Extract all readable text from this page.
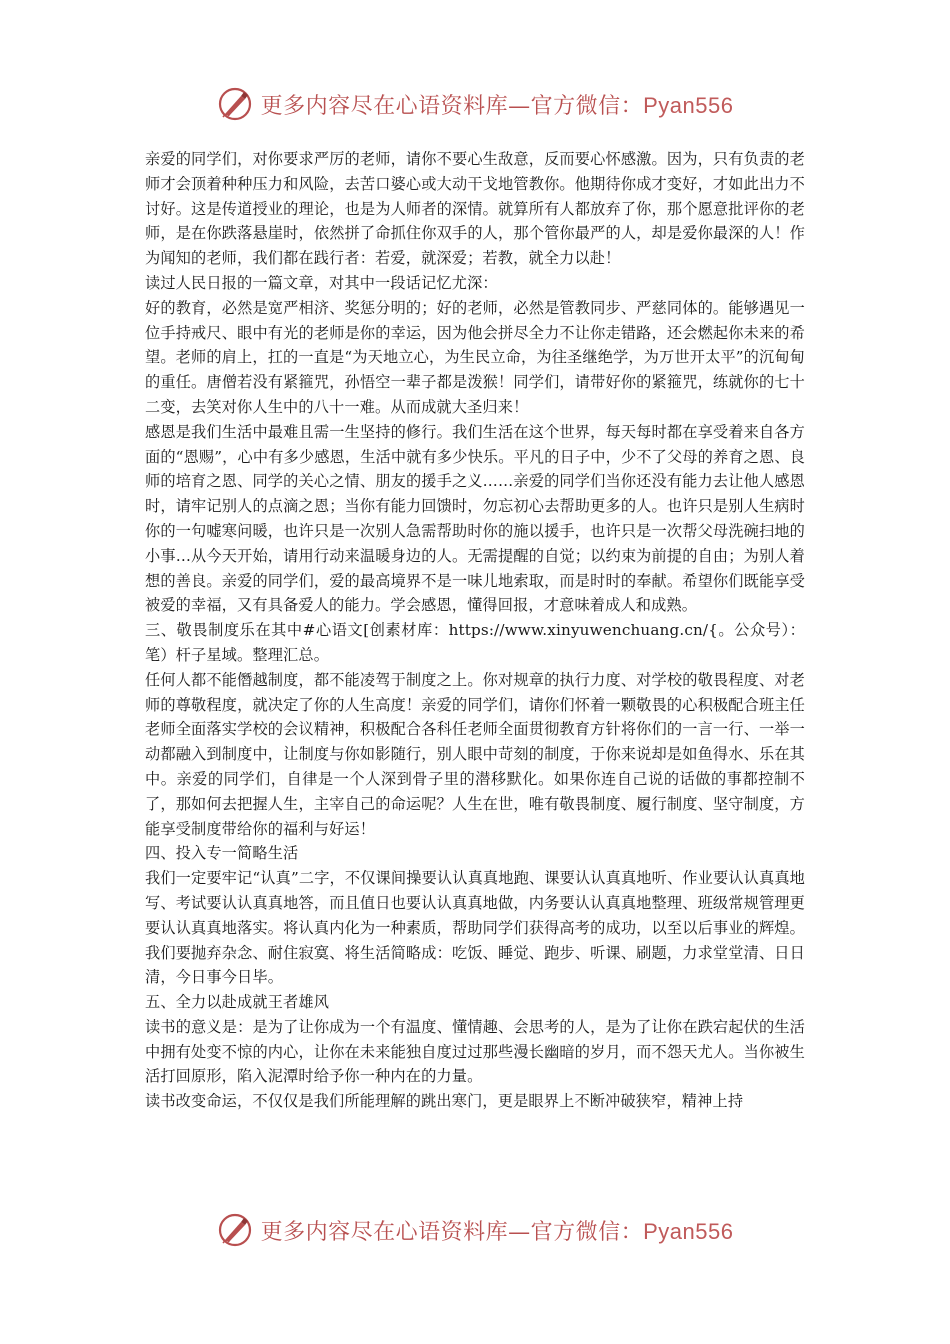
更多内容尽在心语资料库—官方微信：Pyan556

亲爱的同学们，对你要求严厉的老师，请你不要心生敌意，反而要心怀感激。因为，只有负责的老师才会顶着种种压力和风险，去苦口婆心或大动干戈地管教你。他期待你成才变好，才如此出力不讨好。这是传道授业的理论，也是为人师者的深情。就算所有人都放弃了你，那个愿意批评你的老师，是在你跌落悬崖时，依然拼了命抓住你双手的人，那个管你最严的人，却是爱你最深的人！作为闻知的老师，我们都在践行者：若爱，就深爱；若教，就全力以赴！

读过人民日报的一篇文章，对其中一段话记忆尤深：

好的教育，必然是宽严相济、奖惩分明的；好的老师，必然是管教同步、严慈同体的。能够遇见一位手持戒尺、眼中有光的老师是你的幸运，因为他会拼尽全力不让你走错路，还会燃起你未来的希望。老师的肩上，扛的一直是“为天地立心，为生民立命，为往圣继绝学，为万世开太平”的沉甸甸的重任。唐僧若没有紧箍咒，孙悟空一辈子都是泼猴！同学们，请带好你的紧箍咒，练就你的七十二变，去笑对你人生中的八十一难。从而成就大圣归来！

感恩是我们生活中最难且需一生坚持的修行。我们生活在这个世界，每天每时都在享受着来自各方面的“恩赐”，心中有多少感恩，生活中就有多少快乐。平凡的日子中，少不了父母的养育之恩、良师的培育之恩、同学的关心之情、朋友的援手之义……亲爱的同学们当你还没有能力去让他人感恩时，请牢记别人的点滴之恩；当你有能力回馈时，勿忘初心去帮助更多的人。也许只是别人生病时你的一句嘘寒问暖，也许只是一次别人急需帮助时你的施以援手，也许只是一次帮父母洗碗扫地的小事…从今天开始，请用行动来温暖身边的人。无需提醒的自觉；以约束为前提的自由；为别人着想的善良。亲爱的同学们，爱的最高境界不是一味儿地索取，而是时时的奉献。希望你们既能享受被爱的幸福，又有具备爱人的能力。学会感恩，懂得回报，才意味着成人和成熟。

三、敬畏制度乐在其中#心语文[创素材库：https://www.xinyuwenchuang.cn/{。公众号）：笔）杆子星域。整理汇总。

任何人都不能僭越制度，都不能凌驾于制度之上。你对规章的执行力度、对学校的敬畏程度、对老师的尊敬程度，就决定了你的人生高度！亲爱的同学们，请你们怀着一颗敬畏的心积极配合班主任老师全面落实学校的会议精神，积极配合各科任老师全面贯彻教育方针将你们的一言一行、一举一动都融入到制度中，让制度与你如影随行，别人眼中苛刻的制度，于你来说却是如鱼得水、乐在其中。亲爱的同学们，自律是一个人深到骨子里的潜移默化。如果你连自己说的话做的事都控制不了，那如何去把握人生，主宰自己的命运呢？人生在世，唯有敬畏制度、履行制度、坚守制度，方能享受制度带给你的福利与好运！

四、投入专一简略生活

我们一定要牢记“认真”二字，不仅课间操要认认真真地跑、课要认认真真地听、作业要认认真真地写、考试要认认真真地答，而且值日也要认认真真地做，内务要认认真真地整理、班级常规管理更要认认真真地落实。将认真内化为一种素质，帮助同学们获得高考的成功，以至以后事业的辉煌。我们要抛弃杂念、耐住寂寞、将生活简略成：吃饭、睡觉、跑步、听课、刷题，力求堂堂清、日日清，今日事今日毕。

五、全力以赴成就王者雄风

读书的意义是：是为了让你成为一个有温度、懂情趣、会思考的人，是为了让你在跌宕起伏的生活中拥有处变不惊的内心，让你在未来能独自度过过那些漫长幽暗的岁月，而不怨天尤人。当你被生活打回原形，陷入泥潭时给予你一种内在的力量。

读书改变命运，不仅仅是我们所能理解的跳出寒门，更是眼界上不断冲破狭窄，精神上持

更多内容尽在心语资料库—官方微信：Pyan556
